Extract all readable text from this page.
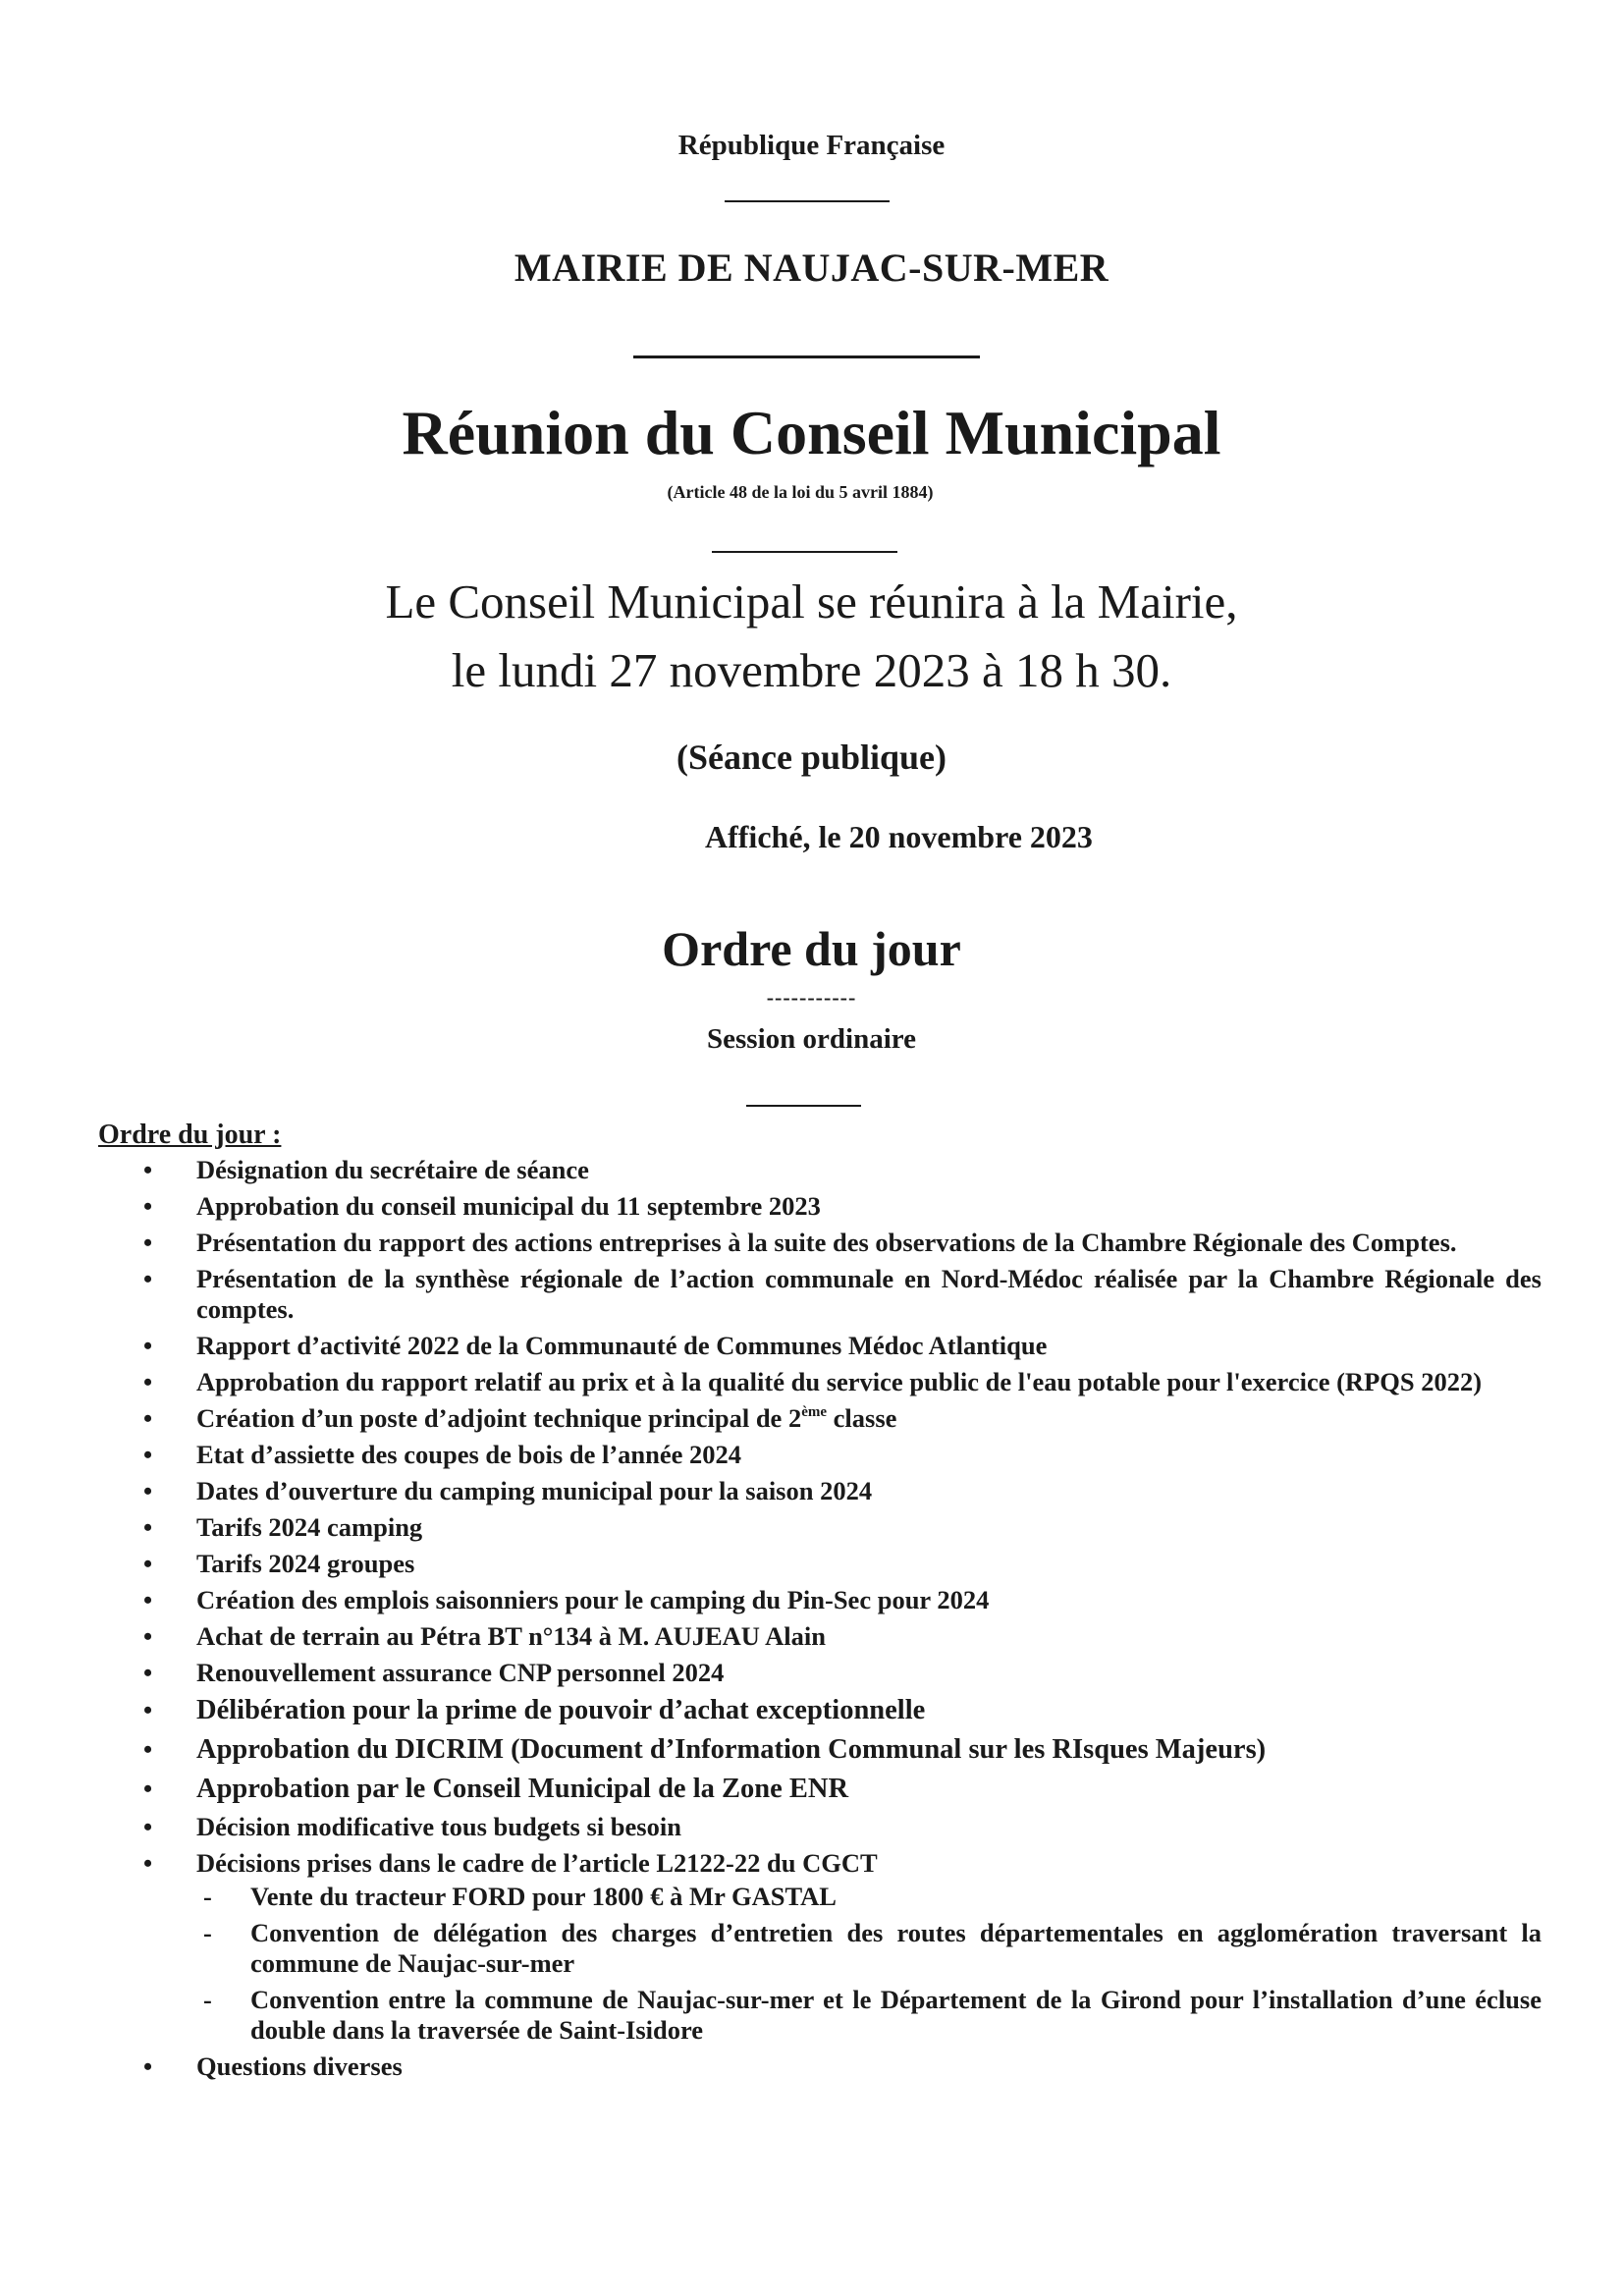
République Française

MAIRIE DE NAUJAC-SUR-MER

Réunion du Conseil Municipal

(Article 48 de la loi du 5 avril 1884)

Le Conseil Municipal se réunira à la Mairie,

le lundi 27 novembre 2023 à 18 h 30.

(Séance publique)

Affiché, le 20 novembre 2023

Ordre du jour

-----------

Session ordinaire

Ordre du jour :

• Désignation du secrétaire de séance
• Approbation du conseil municipal du 11 septembre 2023
• Présentation du rapport des actions entreprises à la suite des observations de la Chambre Régionale des Comptes.
• Présentation de la synthèse régionale de l’action communale en Nord-Médoc réalisée par la Chambre Régionale des comptes.
• Rapport d’activité 2022 de la Communauté de Communes Médoc Atlantique
• Approbation du rapport relatif au prix et à la qualité du service public de l'eau potable pour l'exercice (RPQS 2022)
• Création d’un poste d’adjoint technique principal de 2ème classe
• Etat d’assiette des coupes de bois de l’année 2024
• Dates d’ouverture du camping municipal pour la saison 2024
• Tarifs 2024 camping
• Tarifs 2024 groupes
• Création des emplois saisonniers pour le camping du Pin-Sec pour 2024
• Achat de terrain au Pétra BT n°134 à M. AUJEAU Alain
• Renouvellement assurance CNP personnel 2024
• Délibération pour la prime de pouvoir d’achat exceptionnelle
• Approbation du DICRIM (Document d’Information Communal sur les RIsques Majeurs)
• Approbation par le Conseil Municipal de la Zone ENR
• Décision modificative tous budgets si besoin
• Décisions prises dans le cadre de l’article L2122-22 du CGCT
- Vente du tracteur FORD pour 1800 € à Mr GASTAL
- Convention de délégation des charges d’entretien des routes départementales en agglomération traversant la commune de Naujac-sur-mer
- Convention entre la commune de Naujac-sur-mer et le Département de la Girond pour l’installation d’une écluse double dans la traversée de Saint-Isidore
• Questions diverses
